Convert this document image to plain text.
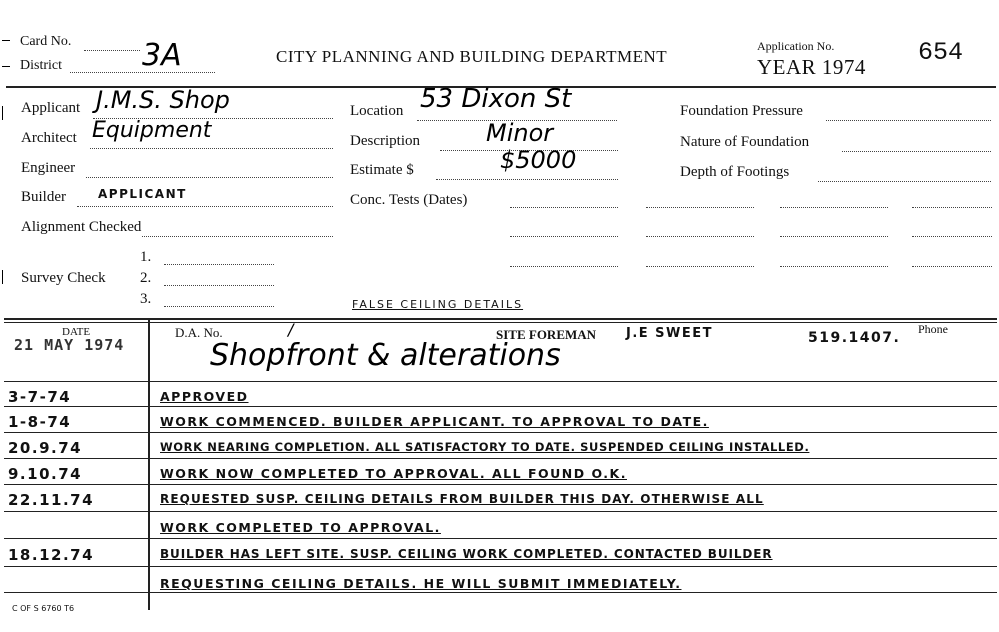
Card No.
District	3A	CITY PLANNING AND BUILDING DEPARTMENT
Application No.
YEAR 1974 654
Applicant J.M.S. Shop
Architect Equipment
Engineer
Builder	APPLICANT
Alignment Checked
Survey Check
1.
2.
3.
Location 53 Dixon St
Description	Minor
Estimate $	$5000
Conc. Tests (Dates)
Foundation Pressure
Nature of Foundation
Depth of Footings
FALSE CEILING DETAILS
DATE
21 MAY 1974
D.A. No.	/	SITE FOREMAN J.E SWEET	519.1407.
Phone
Shopfront & alterations
3-7-74	APPROVED
1-8-74	WORK COMMENCED. BUILDER APPLICANT. TO APPROVAL TO DATE.
20.9.74	WORK NEARING COMPLETION. ALL SATISFACTORY TO DATE. SUSPENDED CEILING INSTALLED.
9.10.74	WORK NOW COMPLETED TO APPROVAL. ALL FOUND O.K.
22.11.74	REQUESTED SUSP. CEILING DETAILS FROM BUILDER THIS DAY. OTHERWISE ALL
WORK COMPLETED TO APPROVAL.
18.12.74	BUILDER HAS LEFT SITE. SUSP. CEILING WORK COMPLETED. CONTACTED BUILDER
REQUESTING CEILING DETAILS. HE WILL SUBMIT IMMEDIATELY.
C OF S 6760 T6
